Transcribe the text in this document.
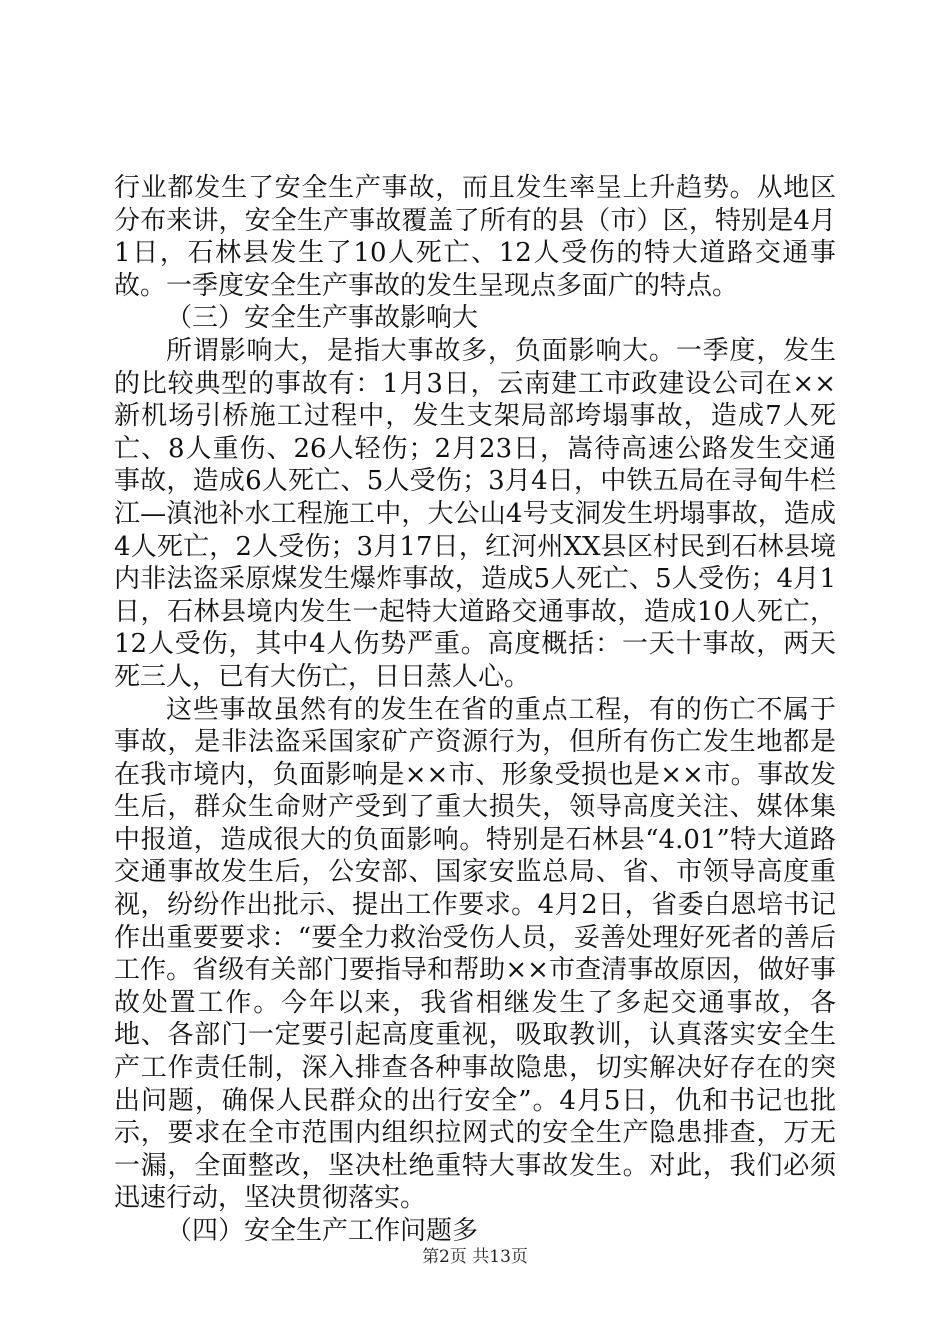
行业都发生了安全生产事故，而且发生率呈上升趋势。从地区分布来讲，安全生产事故覆盖了所有的县（市）区，特别是4月1日，石林县发生了10人死亡、12人受伤的特大道路交通事故。一季度安全生产事故的发生呈现点多面广的特点。

（三）安全生产事故影响大

所谓影响大，是指大事故多，负面影响大。一季度，发生的比较典型的事故有：1月3日，云南建工市政建设公司在××新机场引桥施工过程中，发生支架局部垮塌事故，造成7人死亡、8人重伤、26人轻伤；2月23日，嵩待高速公路发生交通事故，造成6人死亡、5人受伤；3月4日，中铁五局在寻甸牛栏江—滇池补水工程施工中，大公山4号支洞发生坍塌事故，造成4人死亡，2人受伤；3月17日，红河州XX县区村民到石林县境内非法盗采原煤发生爆炸事故，造成5人死亡、5人受伤；4月1日，石林县境内发生一起特大道路交通事故，造成10人死亡，12人受伤，其中4人伤势严重。高度概括：一天十事故，两天死三人，已有大伤亡，日日蒸人心。

这些事故虽然有的发生在省的重点工程，有的伤亡不属于事故，是非法盗采国家矿产资源行为，但所有伤亡发生地都是在我市境内，负面影响是××市、形象受损也是××市。事故发生后，群众生命财产受到了重大损失，领导高度关注、媒体集中报道，造成很大的负面影响。特别是石林县“4.01”特大道路交通事故发生后，公安部、国家安监总局、省、市领导高度重视，纷纷作出批示、提出工作要求。4月2日，省委白恩培书记作出重要要求：“要全力救治受伤人员，妥善处理好死者的善后工作。省级有关部门要指导和帮助××市查清事故原因，做好事故处置工作。今年以来，我省相继发生了多起交通事故，各地、各部门一定要引起高度重视，吸取教训，认真落实安全生产工作责任制，深入排查各种事故隐患，切实解决好存在的突出问题，确保人民群众的出行安全”。4月5日，仇和书记也批示，要求在全市范围内组织拉网式的安全生产隐患排查，万无一漏，全面整改，坚决杜绝重特大事故发生。对此，我们必须迅速行动，坚决贯彻落实。

（四）安全生产工作问题多

第2页 共13页
